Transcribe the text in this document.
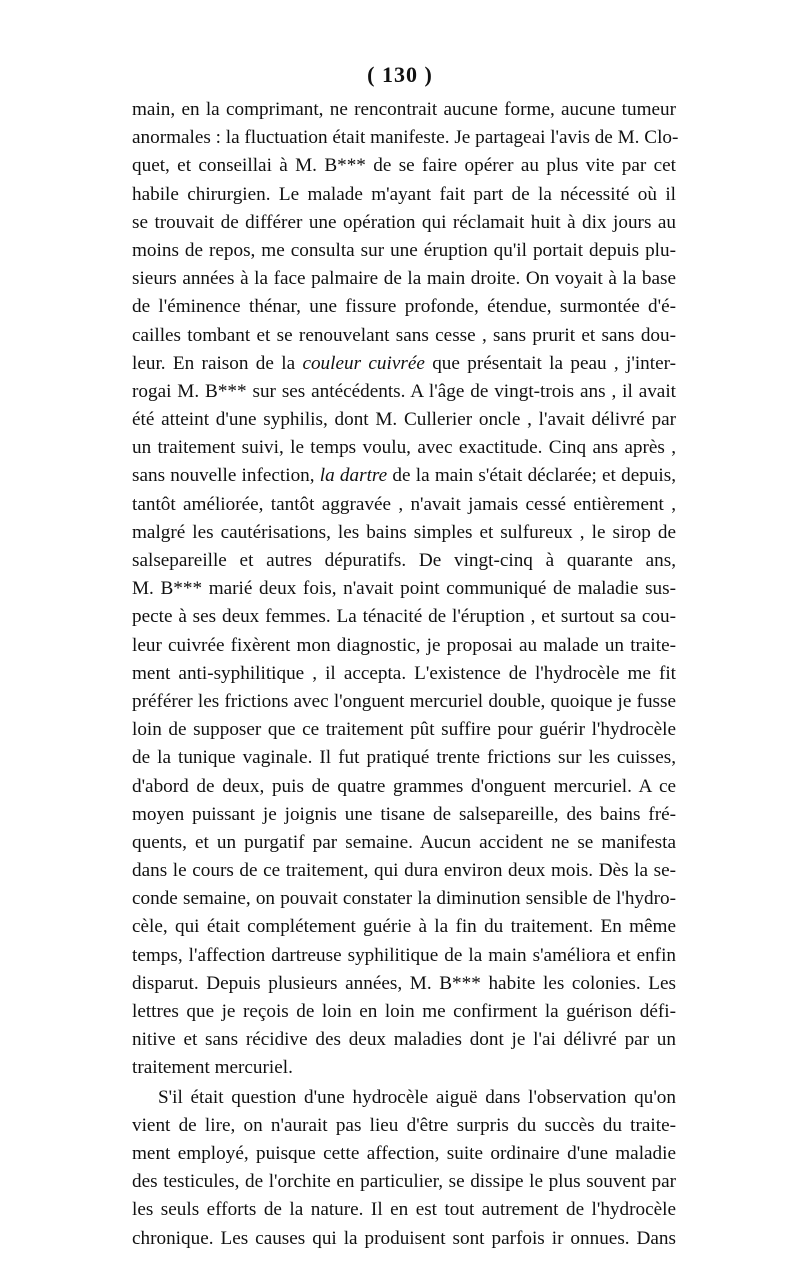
( 130 )
main, en la comprimant, ne rencontrait aucune forme, aucune tumeur
anormales : la fluctuation était manifeste. Je partageai l'avis de M. Clo-
quet, et conseillai à M. B*** de se faire opérer au plus vite par cet
habile chirurgien. Le malade m'ayant fait part de la nécessité où il
se trouvait de différer une opération qui réclamait huit à dix jours au
moins de repos, me consulta sur une éruption qu'il portait depuis plu-
sieurs années à la face palmaire de la main droite. On voyait à la base
de l'éminence thénar, une fissure profonde, étendue, surmontée d'é-
cailles tombant et se renouvelant sans cesse , sans prurit et sans dou-
leur. En raison de la couleur cuivrée que présentait la peau , j'inter-
rogai M. B*** sur ses antécédents. A l'âge de vingt-trois ans , il avait
été atteint d'une syphilis, dont M. Cullerier oncle , l'avait délivré par
un traitement suivi, le temps voulu, avec exactitude. Cinq ans après ,
sans nouvelle infection, la dartre de la main s'était déclarée; et depuis,
tantôt améliorée, tantôt aggravée , n'avait jamais cessé entièrement ,
malgré les cautérisations, les bains simples et sulfureux , le sirop de
salsepareille et autres dépuratifs. De vingt-cinq à quarante ans,
M. B*** marié deux fois, n'avait point communiqué de maladie sus-
pecte à ses deux femmes. La ténacité de l'éruption , et surtout sa cou-
leur cuivrée fixèrent mon diagnostic, je proposai au malade un traite-
ment anti-syphilitique , il accepta. L'existence de l'hydrocèle me fit
préférer les frictions avec l'onguent mercuriel double, quoique je fusse
loin de supposer que ce traitement pût suffire pour guérir l'hydrocèle
de la tunique vaginale. Il fut pratiqué trente frictions sur les cuisses,
d'abord de deux, puis de quatre grammes d'onguent mercuriel. A ce
moyen puissant je joignis une tisane de salsepareille, des bains fré-
quents, et un purgatif par semaine. Aucun accident ne se manifesta
dans le cours de ce traitement, qui dura environ deux mois. Dès la se-
conde semaine, on pouvait constater la diminution sensible de l'hydro-
cèle, qui était complétement guérie à la fin du traitement. En même
temps, l'affection dartreuse syphilitique de la main s'améliora et enfin
disparut. Depuis plusieurs années, M. B*** habite les colonies. Les
lettres que je reçois de loin en loin me confirment la guérison défi-
nitive et sans récidive des deux maladies dont je l'ai délivré par un
traitement mercuriel.
S'il était question d'une hydrocèle aiguë dans l'observation qu'on
vient de lire, on n'aurait pas lieu d'être surpris du succès du traite-
ment employé, puisque cette affection, suite ordinaire d'une maladie
des testicules, de l'orchite en particulier, se dissipe le plus souvent par
les seuls efforts de la nature. Il en est tout autrement de l'hydrocèle
chronique. Les causes qui la produisent sont parfois ir onnues. Dans
